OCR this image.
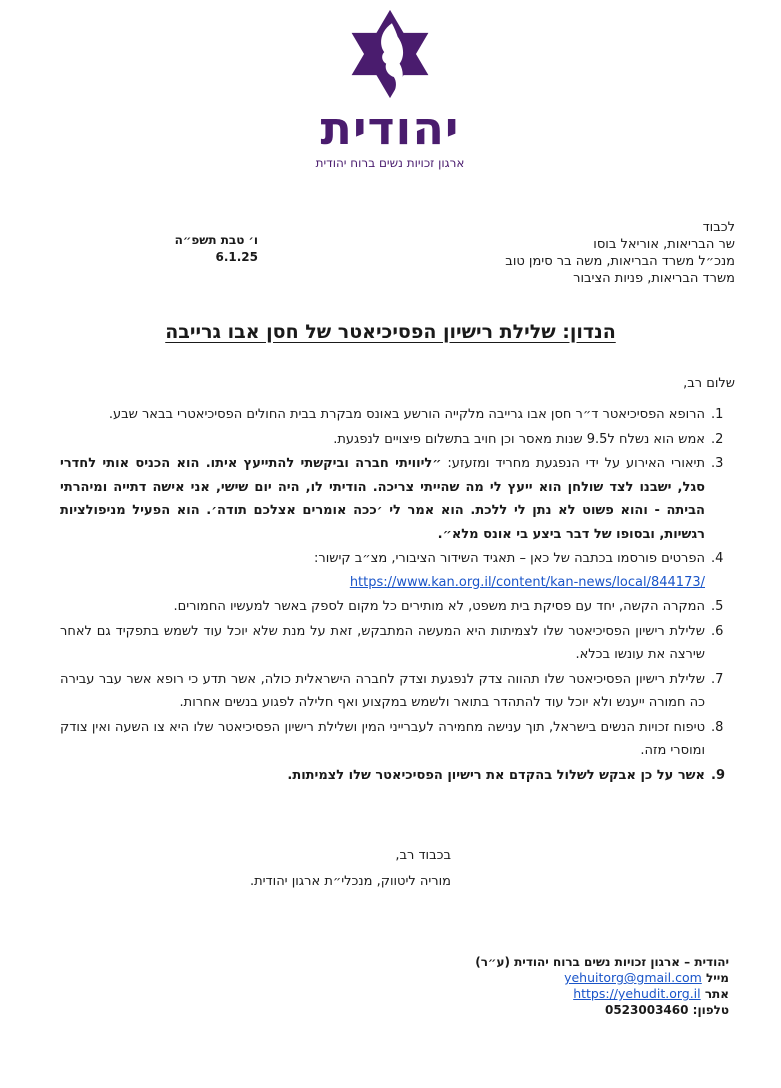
יהודית
ארגון זכויות נשים ברוח יהודית
ו׳ טבת תשפ״ה
6.1.25
לכבוד
שר הבריאות, אוריאל בוסו
מנכ״ל משרד הבריאות, משה בר סימן טוב
משרד הבריאות, פניות הציבור
הנדון: שלילת רישיון הפסיכיאטר של חסן אבו גרייבה
שלום רב,
.1
הרופא הפסיכיאטר ד״ר חסן אבו גרייבה מלקייה הורשע באונס מבקרת בבית החולים הפסיכיאטרי בבאר שבע.
.2
אמש הוא נשלח ל9.5 שנות מאסר וכן חויב בתשלום פיצויים לנפגעת.
.3
תיאורי האירוע על ידי הנפגעת מחריד ומזעזע: ״ליוויתי חברה וביקשתי להתייעץ איתו. הוא הכניס אותי לחדרי סגל, ישבנו לצד שולחן הוא ייעץ לי מה שהייתי צריכה. הודיתי לו, היה יום שישי, אני אישה דתייה ומיהרתי הביתה - והוא פשוט לא נתן לי ללכת. הוא אמר לי ׳ככה אומרים אצלכם תודה׳. הוא הפעיל מניפולציות רגשיות, ובסופו של דבר ביצע בי אונס מלא״.
.4
הפרטים פורסמו בכתבה של כאן – תאגיד השידור הציבורי, מצ״ב קישור:
https://www.kan.org.il/content/kan-news/local/844173/
.5
המקרה הקשה, יחד עם פסיקת בית משפט, לא מותירים כל מקום לספק באשר למעשיו החמורים.
.6
שלילת רישיון הפסיכיאטר שלו לצמיתות היא המעשה המתבקש, זאת על מנת שלא יוכל עוד לשמש בתפקיד גם לאחר שירצה את עונשו בכלא.
.7
שלילת רישיון הפסיכיאטר שלו תהווה צדק לנפגעת וצדק לחברה הישראלית כולה, אשר תדע כי רופא אשר עבר עבירה כה חמורה ייענש ולא יוכל עוד להתהדר בתואר ולשמש במקצוע ואף חלילה לפגוע בנשים אחרות.
.8
טיפוח זכויות הנשים בישראל, תוך ענישה מחמירה לעברייני המין ושלילת רישיון הפסיכיאטר שלו היא צו השעה ואין צודק ומוסרי מזה.
.9
אשר על כן אבקש לשלול בהקדם את רישיון הפסיכיאטר שלו לצמיתות.
בכבוד רב,
מוריה ליטווק, מנכלי״ת ארגון יהודית.
יהודית – ארגון זכויות נשים ברוח יהודית (ע״ר)
מייל yehuitorg@gmail.com
אתר https://yehudit.org.il
טלפון: 0523003460
